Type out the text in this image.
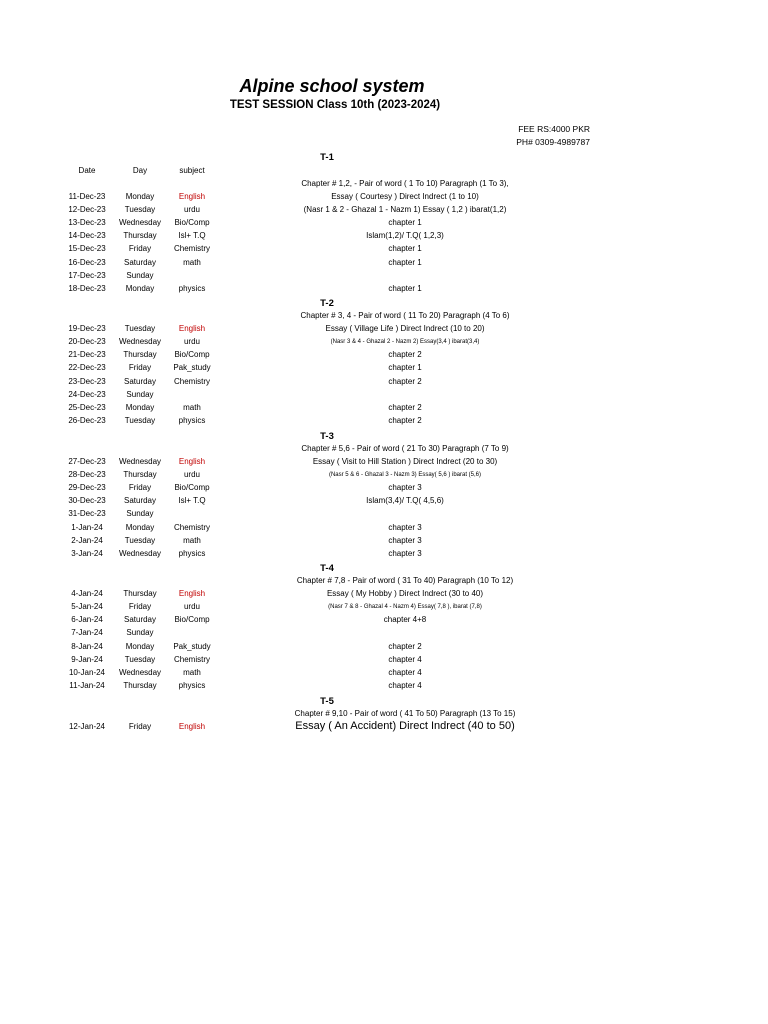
Alpine school system
TEST SESSION Class 10th (2023-2024)
FEE RS:4000 PKR
PH# 0309-4989787
Date	Day	subject
T-1
Chapter # 1,2, - Pair of word ( 1 To 10) Paragraph (1 To 3),
11-Dec-23	Monday	English	Essay ( Courtesy ) Direct Indrect (1 to 10)
12-Dec-23	Tuesday	urdu	(Nasr 1 & 2 - Ghazal 1 - Nazm 1) Essay ( 1,2 ) ibarat(1,2)
13-Dec-23	Wednesday	Bio/Comp	chapter 1
14-Dec-23	Thursday	Isl+ T.Q	Islam(1,2)/ T.Q( 1,2,3)
15-Dec-23	Friday	Chemistry	chapter 1
16-Dec-23	Saturday	math	chapter 1
17-Dec-23	Sunday
18-Dec-23	Monday	physics	chapter 1
T-2
Chapter # 3, 4 - Pair of word ( 11 To 20) Paragraph (4 To 6)
19-Dec-23	Tuesday	English	Essay ( Village Life ) Direct Indrect (10 to 20)
20-Dec-23	Wednesday	urdu	(Nasr 3 & 4 - Ghazal 2 - Nazm 2) Essay(3,4 ) ibarat(3,4)
21-Dec-23	Thursday	Bio/Comp	chapter 2
22-Dec-23	Friday	Pak_study	chapter 1
23-Dec-23	Saturday	Chemistry	chapter 2
24-Dec-23	Sunday
25-Dec-23	Monday	math	chapter 2
26-Dec-23	Tuesday	physics	chapter 2
T-3
Chapter # 5,6 - Pair of word ( 21 To 30) Paragraph (7 To 9)
27-Dec-23	Wednesday	English	Essay ( Visit to Hill Station ) Direct Indrect (20 to 30)
28-Dec-23	Thursday	urdu	(Nasr 5 & 6 - Ghazal 3 - Nazm 3) Essay( 5,6 ) ibarat (5,6)
29-Dec-23	Friday	Bio/Comp	chapter 3
30-Dec-23	Saturday	Isl+ T.Q	Islam(3,4)/ T.Q( 4,5,6)
31-Dec-23	Sunday
1-Jan-24	Monday	Chemistry	chapter 3
2-Jan-24	Tuesday	math	chapter 3
3-Jan-24	Wednesday	physics	chapter 3
T-4
Chapter # 7,8 - Pair of word ( 31 To 40) Paragraph (10 To 12)
4-Jan-24	Thursday	English	Essay ( My Hobby ) Direct Indrect (30 to 40)
5-Jan-24	Friday	urdu	(Nasr 7 & 8 - Ghazal 4 - Nazm 4) Essay( 7,8 ), ibarat (7,8)
6-Jan-24	Saturday	Bio/Comp	chapter 4+8
7-Jan-24	Sunday
8-Jan-24	Monday	Pak_study	chapter 2
9-Jan-24	Tuesday	Chemistry	chapter 4
10-Jan-24	Wednesday	math	chapter 4
11-Jan-24	Thursday	physics	chapter 4
T-5
Chapter # 9,10 - Pair of word ( 41 To 50) Paragraph (13 To 15)
12-Jan-24	Friday	English	Essay ( An Accident) Direct Indrect (40 to 50)
